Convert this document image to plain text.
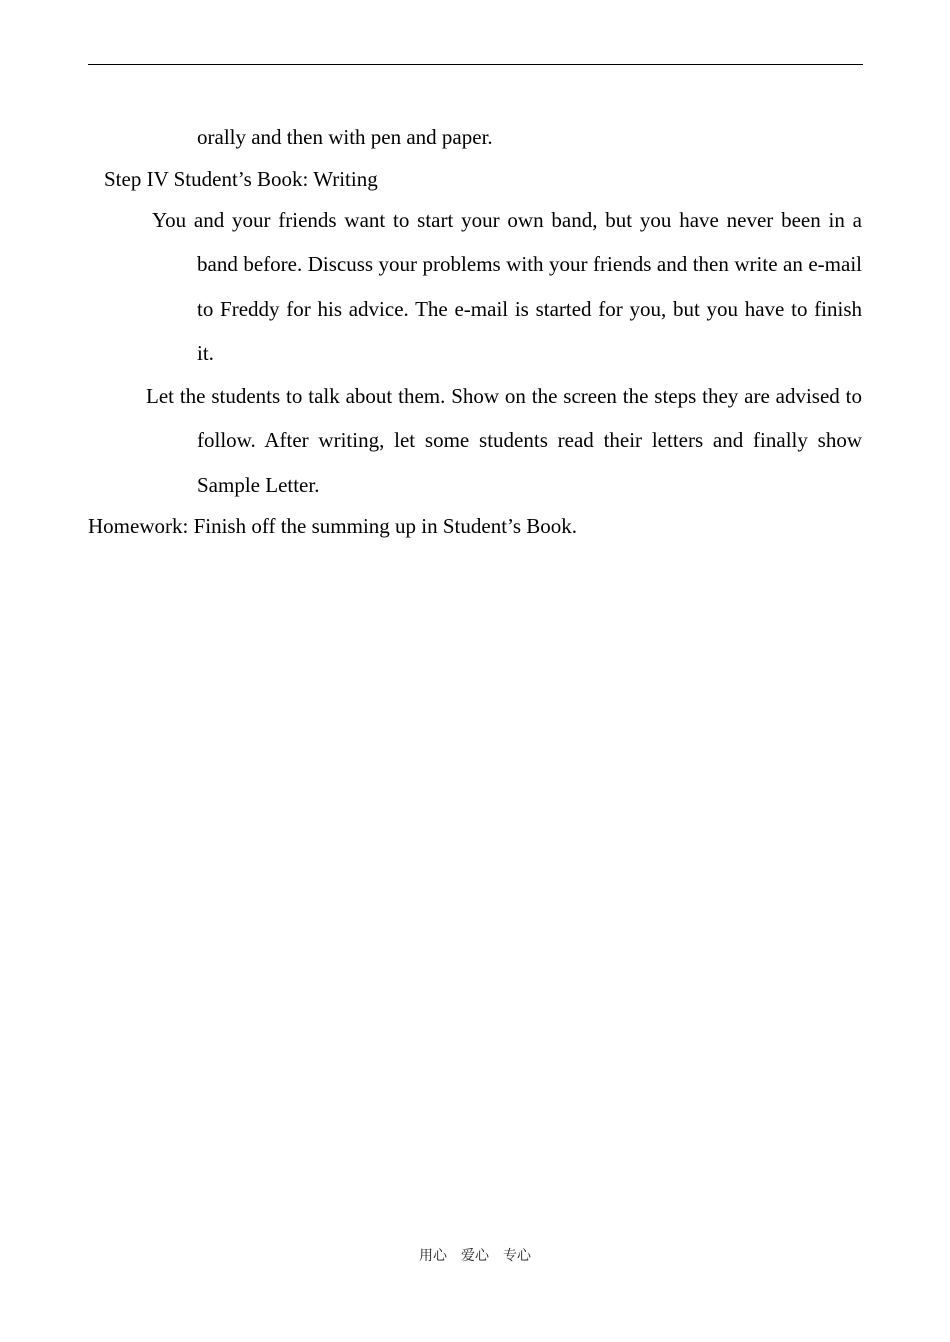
orally and then with pen and paper.
Step IV Student’s Book: Writing
You and your friends want to start your own band, but you have never been in a band before. Discuss your problems with your friends and then write an e-mail to Freddy for his advice. The e-mail is started for you, but you have to finish it.
Let the students to talk about them. Show on the screen the steps they are advised to follow. After writing, let some students read their letters and finally show Sample Letter.
Homework: Finish off the summing up in Student’s Book.
用心　爱心　专心
